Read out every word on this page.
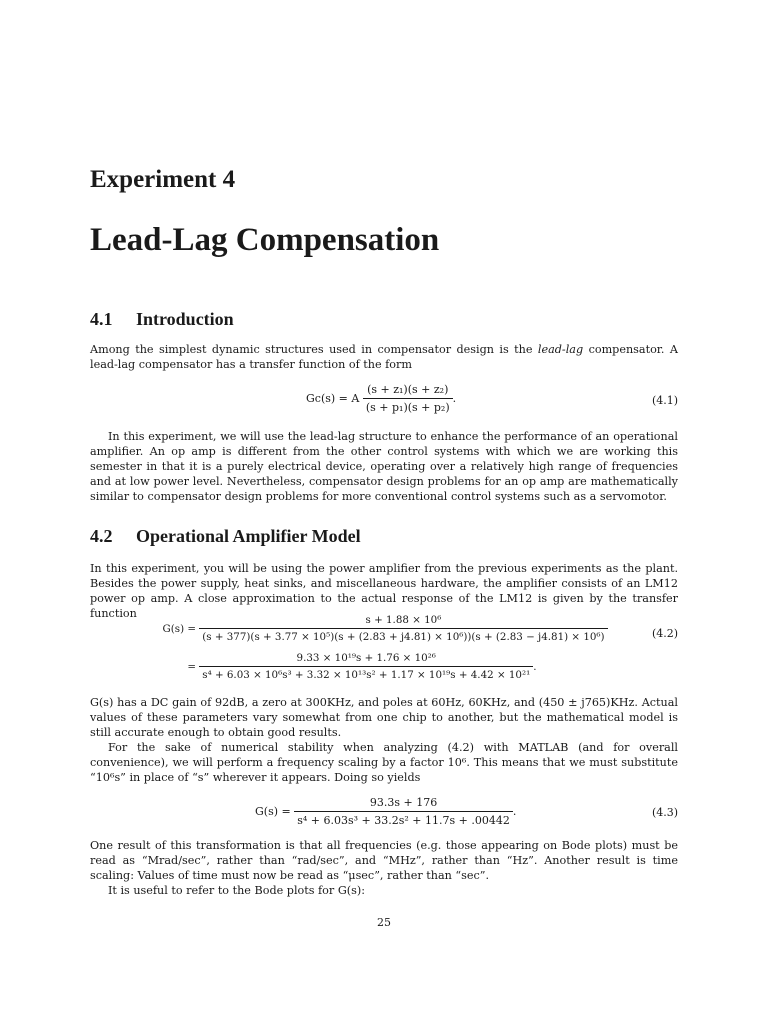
Experiment 4
Lead-Lag Compensation
4.1 Introduction
Among the simplest dynamic structures used in compensator design is the lead-lag compensator. A lead-lag compensator has a transfer function of the form
Gc(s) = A $\frac{\text{(s + z₁)(s + z₂)}}{\text{(s + p₁)(s + p₂)}}$ .	(4.1)
In this experiment, we will use the lead-lag structure to enhance the performance of an operational amplifier. An op amp is different from the other control systems with which we are working this semester in that it is a purely electrical device, operating over a relatively high range of frequencies and at low power level. Nevertheless, compensator design problems for an op amp are mathematically similar to compensator design problems for more conventional control systems such as a servomotor.
4.2 Operational Amplifier Model
In this experiment, you will be using the power amplifier from the previous experiments as the plant. Besides the power supply, heat sinks, and miscellaneous hardware, the amplifier consists of an LM12 power op amp. A close approximation to the actual response of the LM12 is given by the transfer function
G(s) =
s + 1.88 × 10⁶
(s + 377)(s + 3.77 × 10⁵)(s + (2.83 + j4.81) × 10⁶))(s + (2.83 − j4.81) × 10⁶)	(4.2)
=
9.33 × 10¹⁹s + 1.76 × 10²⁶
s⁴ + 6.03 × 10⁶s³ + 3.32 × 10¹³s² + 1.17 × 10¹⁹s + 4.42 × 10²¹
.
G(s) has a DC gain of 92dB, a zero at 300KHz, and poles at 60Hz, 60KHz, and (450 ± j765)KHz. Actual values of these parameters vary somewhat from one chip to another, but the mathematical model is still accurate enough to obtain good results.
For the sake of numerical stability when analyzing (4.2) with MATLAB (and for overall convenience), we will perform a frequency scaling by a factor 10⁶. This means that we must substitute “10⁶s” in place of “s” wherever it appears. Doing so yields
$G(s) = \frac{93.3s + 176}{\text{s⁴ + 6.03s³ + 33.2s² + 11.7s + .00442}}$ .	(4.3)
One result of this transformation is that all frequencies (e.g. those appearing on Bode plots) must be read as “Mrad/sec”, rather than “rad/sec”, and “MHz”, rather than “Hz”. Another result is time scaling: Values of time must now be read as “μsec”, rather than “sec”.
It is useful to refer to the Bode plots for G(s):
25
